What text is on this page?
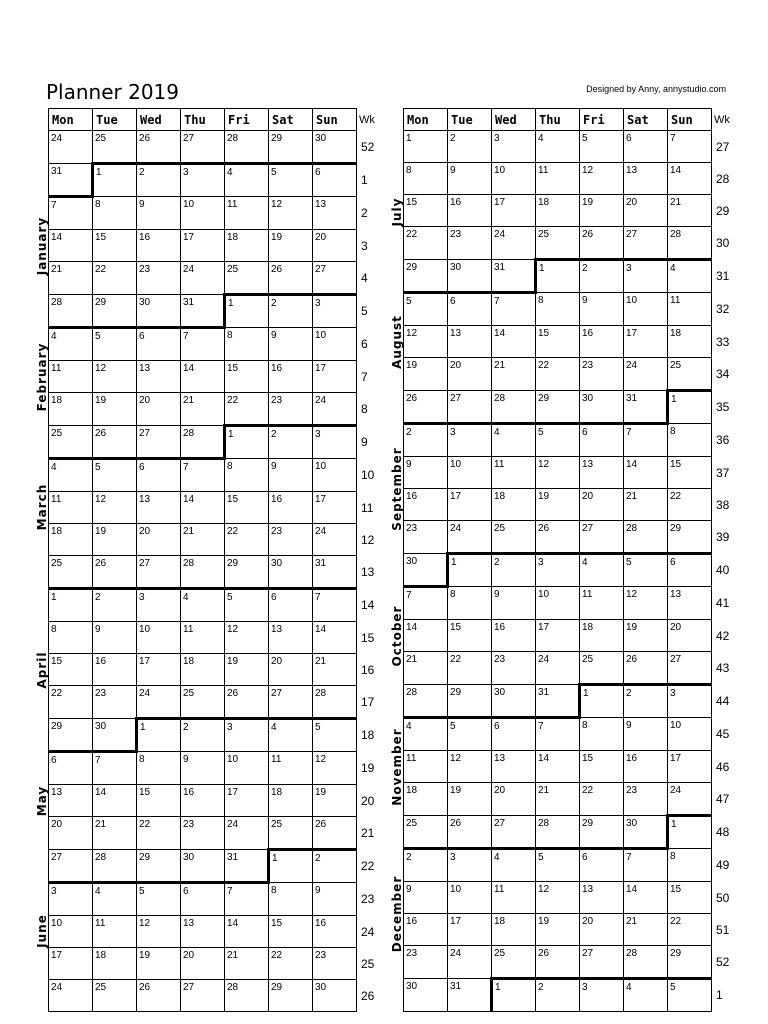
Planner 2019	Designed by Anny, annystudio.com
Mon	Tue	Wed	Thu	Fri	Sat	Sun	Wk
24	25	26	27	28	29	30	52
31	1	2	3	4	5	6	1
7	8	9	10	11	12	13	2
14	15	16	17	18	19	20	3
21	22	23	24	25	26	27	4
28	29	30	31	1	2	3	5
4	5	6	7	8	9	10	6
11	12	13	14	15	16	17	7
18	19	20	21	22	23	24	8
25	26	27	28	1	2	3	9
4	5	6	7	8	9	10	10
11	12	13	14	15	16	17	11
18	19	20	21	22	23	24	12
25	26	27	28	29	30	31	13
1	2	3	4	5	6	7	14
8	9	10	11	12	13	14	15
15	16	17	18	19	20	21	16
22	23	24	25	26	27	28	17
29	30	1	2	3	4	5	18
6	7	8	9	10	11	12	19
13	14	15	16	17	18	19	20
20	21	22	23	24	25	26	21
27	28	29	30	31	1	2	22
3	4	5	6	7	8	9	23
10	11	12	13	14	15	16	24
17	18	19	20	21	22	23	25
24	25	26	27	28	29	30	26
January
February
March
April
May
June
Mon	Tue	Wed	Thu	Fri	Sat	Sun	Wk
1	2	3	4	5	6	7	27
8	9	10	11	12	13	14	28
15	16	17	18	19	20	21	29
22	23	24	25	26	27	28	30
29	30	31	1	2	3	4	31
5	6	7	8	9	10	11	32
12	13	14	15	16	17	18	33
19	20	21	22	23	24	25	34
26	27	28	29	30	31	1	35
2	3	4	5	6	7	8	36
9	10	11	12	13	14	15	37
16	17	18	19	20	21	22	38
23	24	25	26	27	28	29	39
30	1	2	3	4	5	6	40
7	8	9	10	11	12	13	41
14	15	16	17	18	19	20	42
21	22	23	24	25	26	27	43
28	29	30	31	1	2	3	44
4	5	6	7	8	9	10	45
11	12	13	14	15	16	17	46
18	19	20	21	22	23	24	47
25	26	27	28	29	30	1	48
2	3	4	5	6	7	8	49
9	10	11	12	13	14	15	50
16	17	18	19	20	21	22	51
23	24	25	26	27	28	29	52
30	31	1	2	3	4	5	1
July
August
September
October
November
December
